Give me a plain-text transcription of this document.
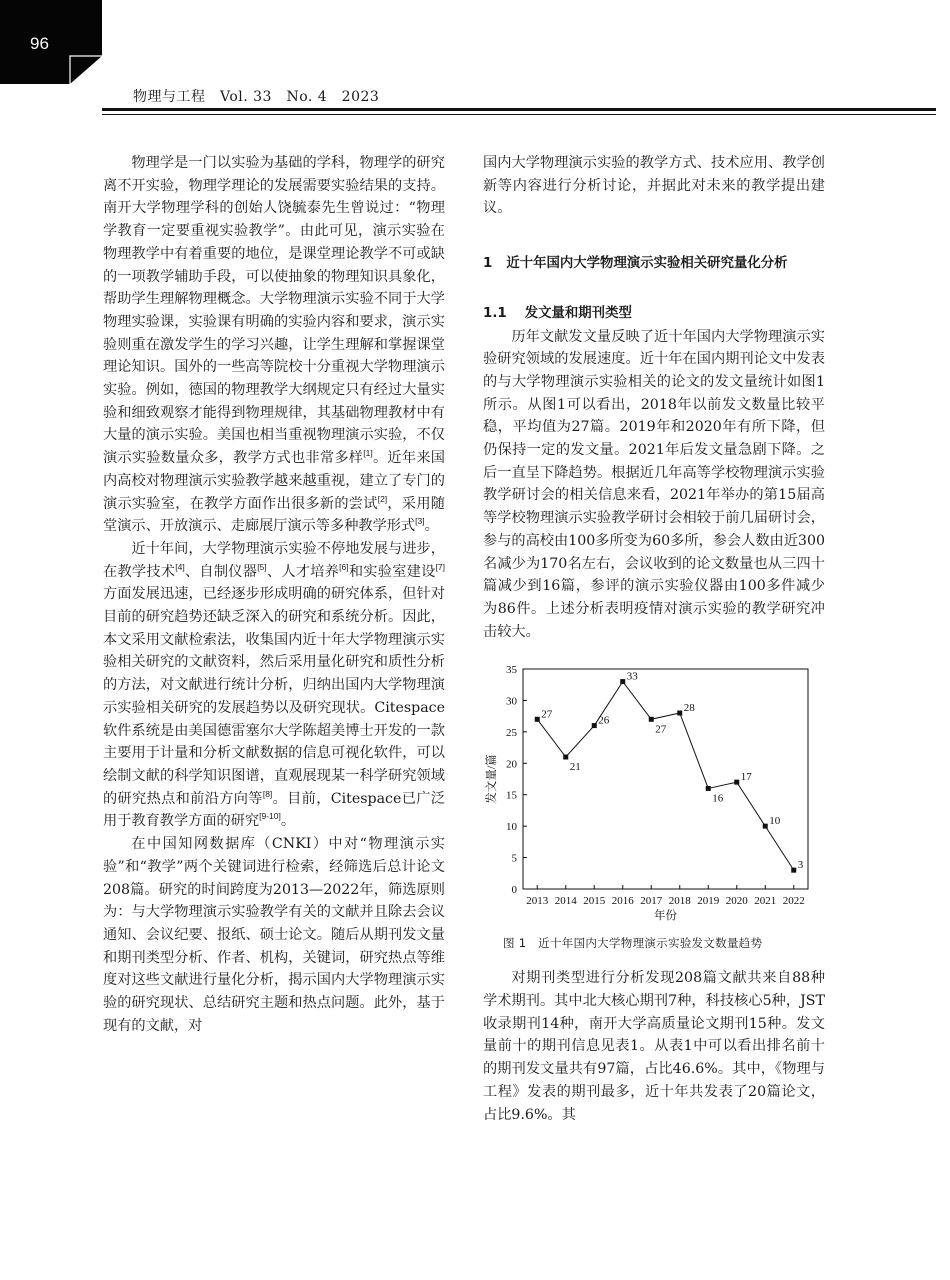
96
物理与工程　Vol. 33　No. 4　2023

物理学是一门以实验为基础的学科，物理学的研究离不开实验，物理学理论的发展需要实验结果的支持。南开大学物理学科的创始人饶毓泰先生曾说过：“物理学教育一定要重视实验教学”。由此可见，演示实验在物理教学中有着重要的地位，是课堂理论教学不可或缺的一项教学辅助手段，可以使抽象的物理知识具象化，帮助学生理解物理概念。大学物理演示实验不同于大学物理实验课，实验课有明确的实验内容和要求，演示实验则重在激发学生的学习兴趣，让学生理解和掌握课堂理论知识。国外的一些高等院校十分重视大学物理演示实验。例如，德国的物理教学大纲规定只有经过大量实验和细致观察才能得到物理规律，其基础物理教材中有大量的演示实验。美国也相当重视物理演示实验，不仅演示实验数量众多，教学方式也非常多样[1]。近年来国内高校对物理演示实验教学越来越重视，建立了专门的演示实验室，在教学方面作出很多新的尝试[2]，采用随堂演示、开放演示、走廊展厅演示等多种教学形式[3]。

近十年间，大学物理演示实验不停地发展与进步，在教学技术[4]、自制仪器[5]、人才培养[6]和实验室建设[7]方面发展迅速，已经逐步形成明确的研究体系，但针对目前的研究趋势还缺乏深入的研究和系统分析。因此，本文采用文献检索法，收集国内近十年大学物理演示实验相关研究的文献资料，然后采用量化研究和质性分析的方法，对文献进行统计分析，归纳出国内大学物理演示实验相关研究的发展趋势以及研究现状。Citespace软件系统是由美国德雷塞尔大学陈超美博士开发的一款主要用于计量和分析文献数据的信息可视化软件，可以绘制文献的科学知识图谱，直观展现某一科学研究领域的研究热点和前沿方向等[8]。目前，Citespace已广泛用于教育教学方面的研究[9-10]。

在中国知网数据库（CNKI）中对“物理演示实验”和“教学”两个关键词进行检索，经筛选后总计论文208篇。研究的时间跨度为2013—2022年，筛选原则为：与大学物理演示实验教学有关的文献并且除去会议通知、会议纪要、报纸、硕士论文。随后从期刊发文量和期刊类型分析、作者、机构，关键词，研究热点等维度对这些文献进行量化分析，揭示国内大学物理演示实验的研究现状、总结研究主题和热点问题。此外，基于现有的文献，对

国内大学物理演示实验的教学方式、技术应用、教学创新等内容进行分析讨论，并据此对未来的教学提出建议。

1 近十年国内大学物理演示实验相关研究量化分析

1.1 发文量和期刊类型

历年文献发文量反映了近十年国内大学物理演示实验研究领域的发展速度。近十年在国内期刊论文中发表的与大学物理演示实验相关的论文的发文量统计如图1所示。从图1可以看出，2018年以前发文数量比较平稳，平均值为27篇。2019年和2020年有所下降，但仍保持一定的发文量。2021年后发文量急剧下降。之后一直呈下降趋势。根据近几年高等学校物理演示实验教学研讨会的相关信息来看，2021年举办的第15届高等学校物理演示实验教学研讨会相较于前几届研讨会，参与的高校由100多所变为60多所，参会人数由近300名减少为170名左右，会议收到的论文数量也从三四十篇减少到16篇，参评的演示实验仪器由100多件减少为86件。上述分析表明疫情对演示实验的教学研究冲击较大。

0
5
10
15
20
25
30
35
2013 2014 2015 2016 2017 2018 2019 2020 2021 2022
年份
发文量/篇
27
21
26
33
27
28
16
17
10
3
图 1　近十年国内大学物理演示实验发文数量趋势

对期刊类型进行分析发现208篇文献共来自88种学术期刊。其中北大核心期刊7种，科技核心5种，JST收录期刊14种，南开大学高质量论文期刊15种。发文量前十的期刊信息见表1。从表1中可以看出排名前十的期刊发文量共有97篇，占比46.6%。其中，《物理与工程》发表的期刊最多，近十年共发表了20篇论文，占比9.6%。其
